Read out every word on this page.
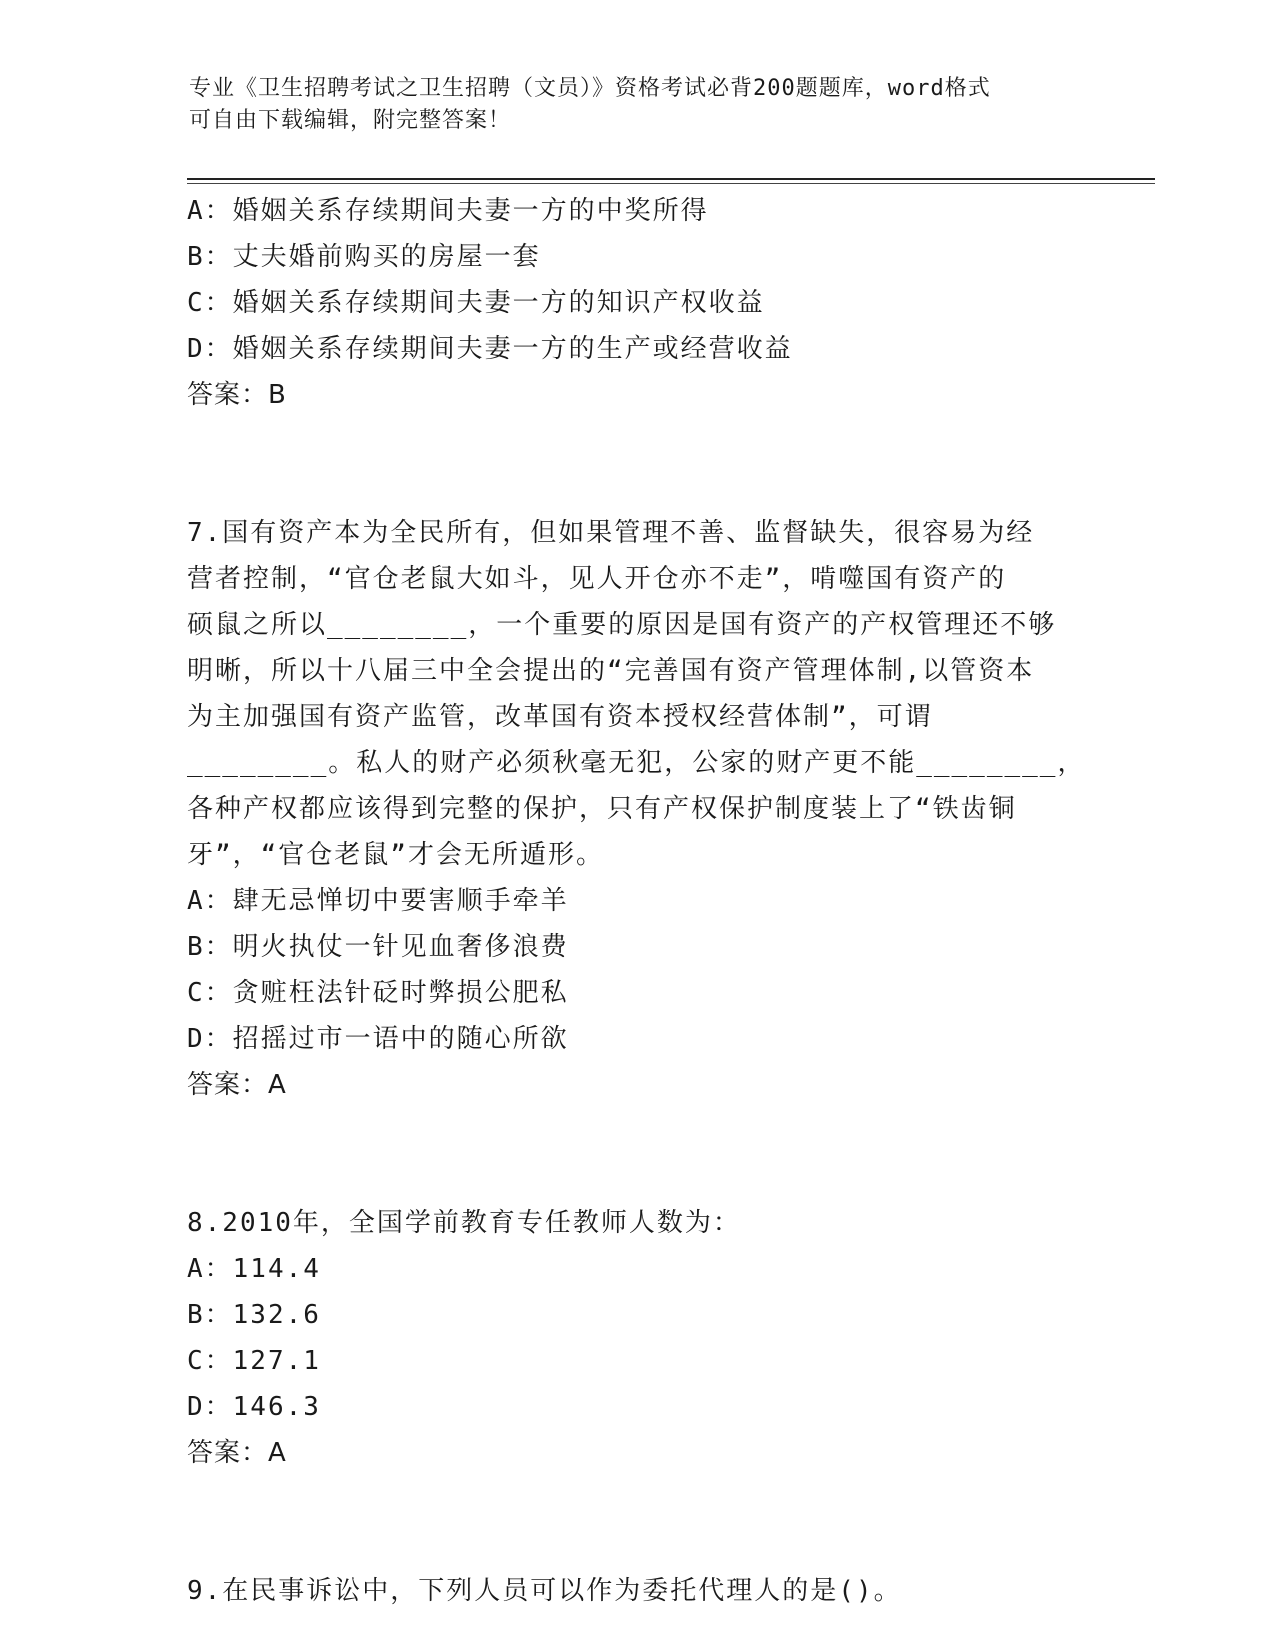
专业《卫生招聘考试之卫生招聘（文员）》资格考试必背200题题库，word格式
可自由下载编辑，附完整答案！
A：婚姻关系存续期间夫妻一方的中奖所得
B：丈夫婚前购买的房屋一套
C：婚姻关系存续期间夫妻一方的知识产权收益
D：婚姻关系存续期间夫妻一方的生产或经营收益
答案：B
7.国有资产本为全民所有，但如果管理不善、监督缺失，很容易为经
营者控制，“官仓老鼠大如斗，见人开仓亦不走”，啃噬国有资产的
硕鼠之所以________，一个重要的原因是国有资产的产权管理还不够
明晰，所以十八届三中全会提出的“完善国有资产管理体制,以管资本
为主加强国有资产监管，改革国有资本授权经营体制”，可谓
________。私人的财产必须秋毫无犯，公家的财产更不能________，
各种产权都应该得到完整的保护，只有产权保护制度装上了“铁齿铜
牙”，“官仓老鼠”才会无所遁形。
A：肆无忌惮切中要害顺手牵羊
B：明火执仗一针见血奢侈浪费
C：贪赃枉法针砭时弊损公肥私
D：招摇过市一语中的随心所欲
答案：A
8.2010年，全国学前教育专任教师人数为：
A：114.4
B：132.6
C：127.1
D：146.3
答案：A
9.在民事诉讼中，下列人员可以作为委托代理人的是()。
